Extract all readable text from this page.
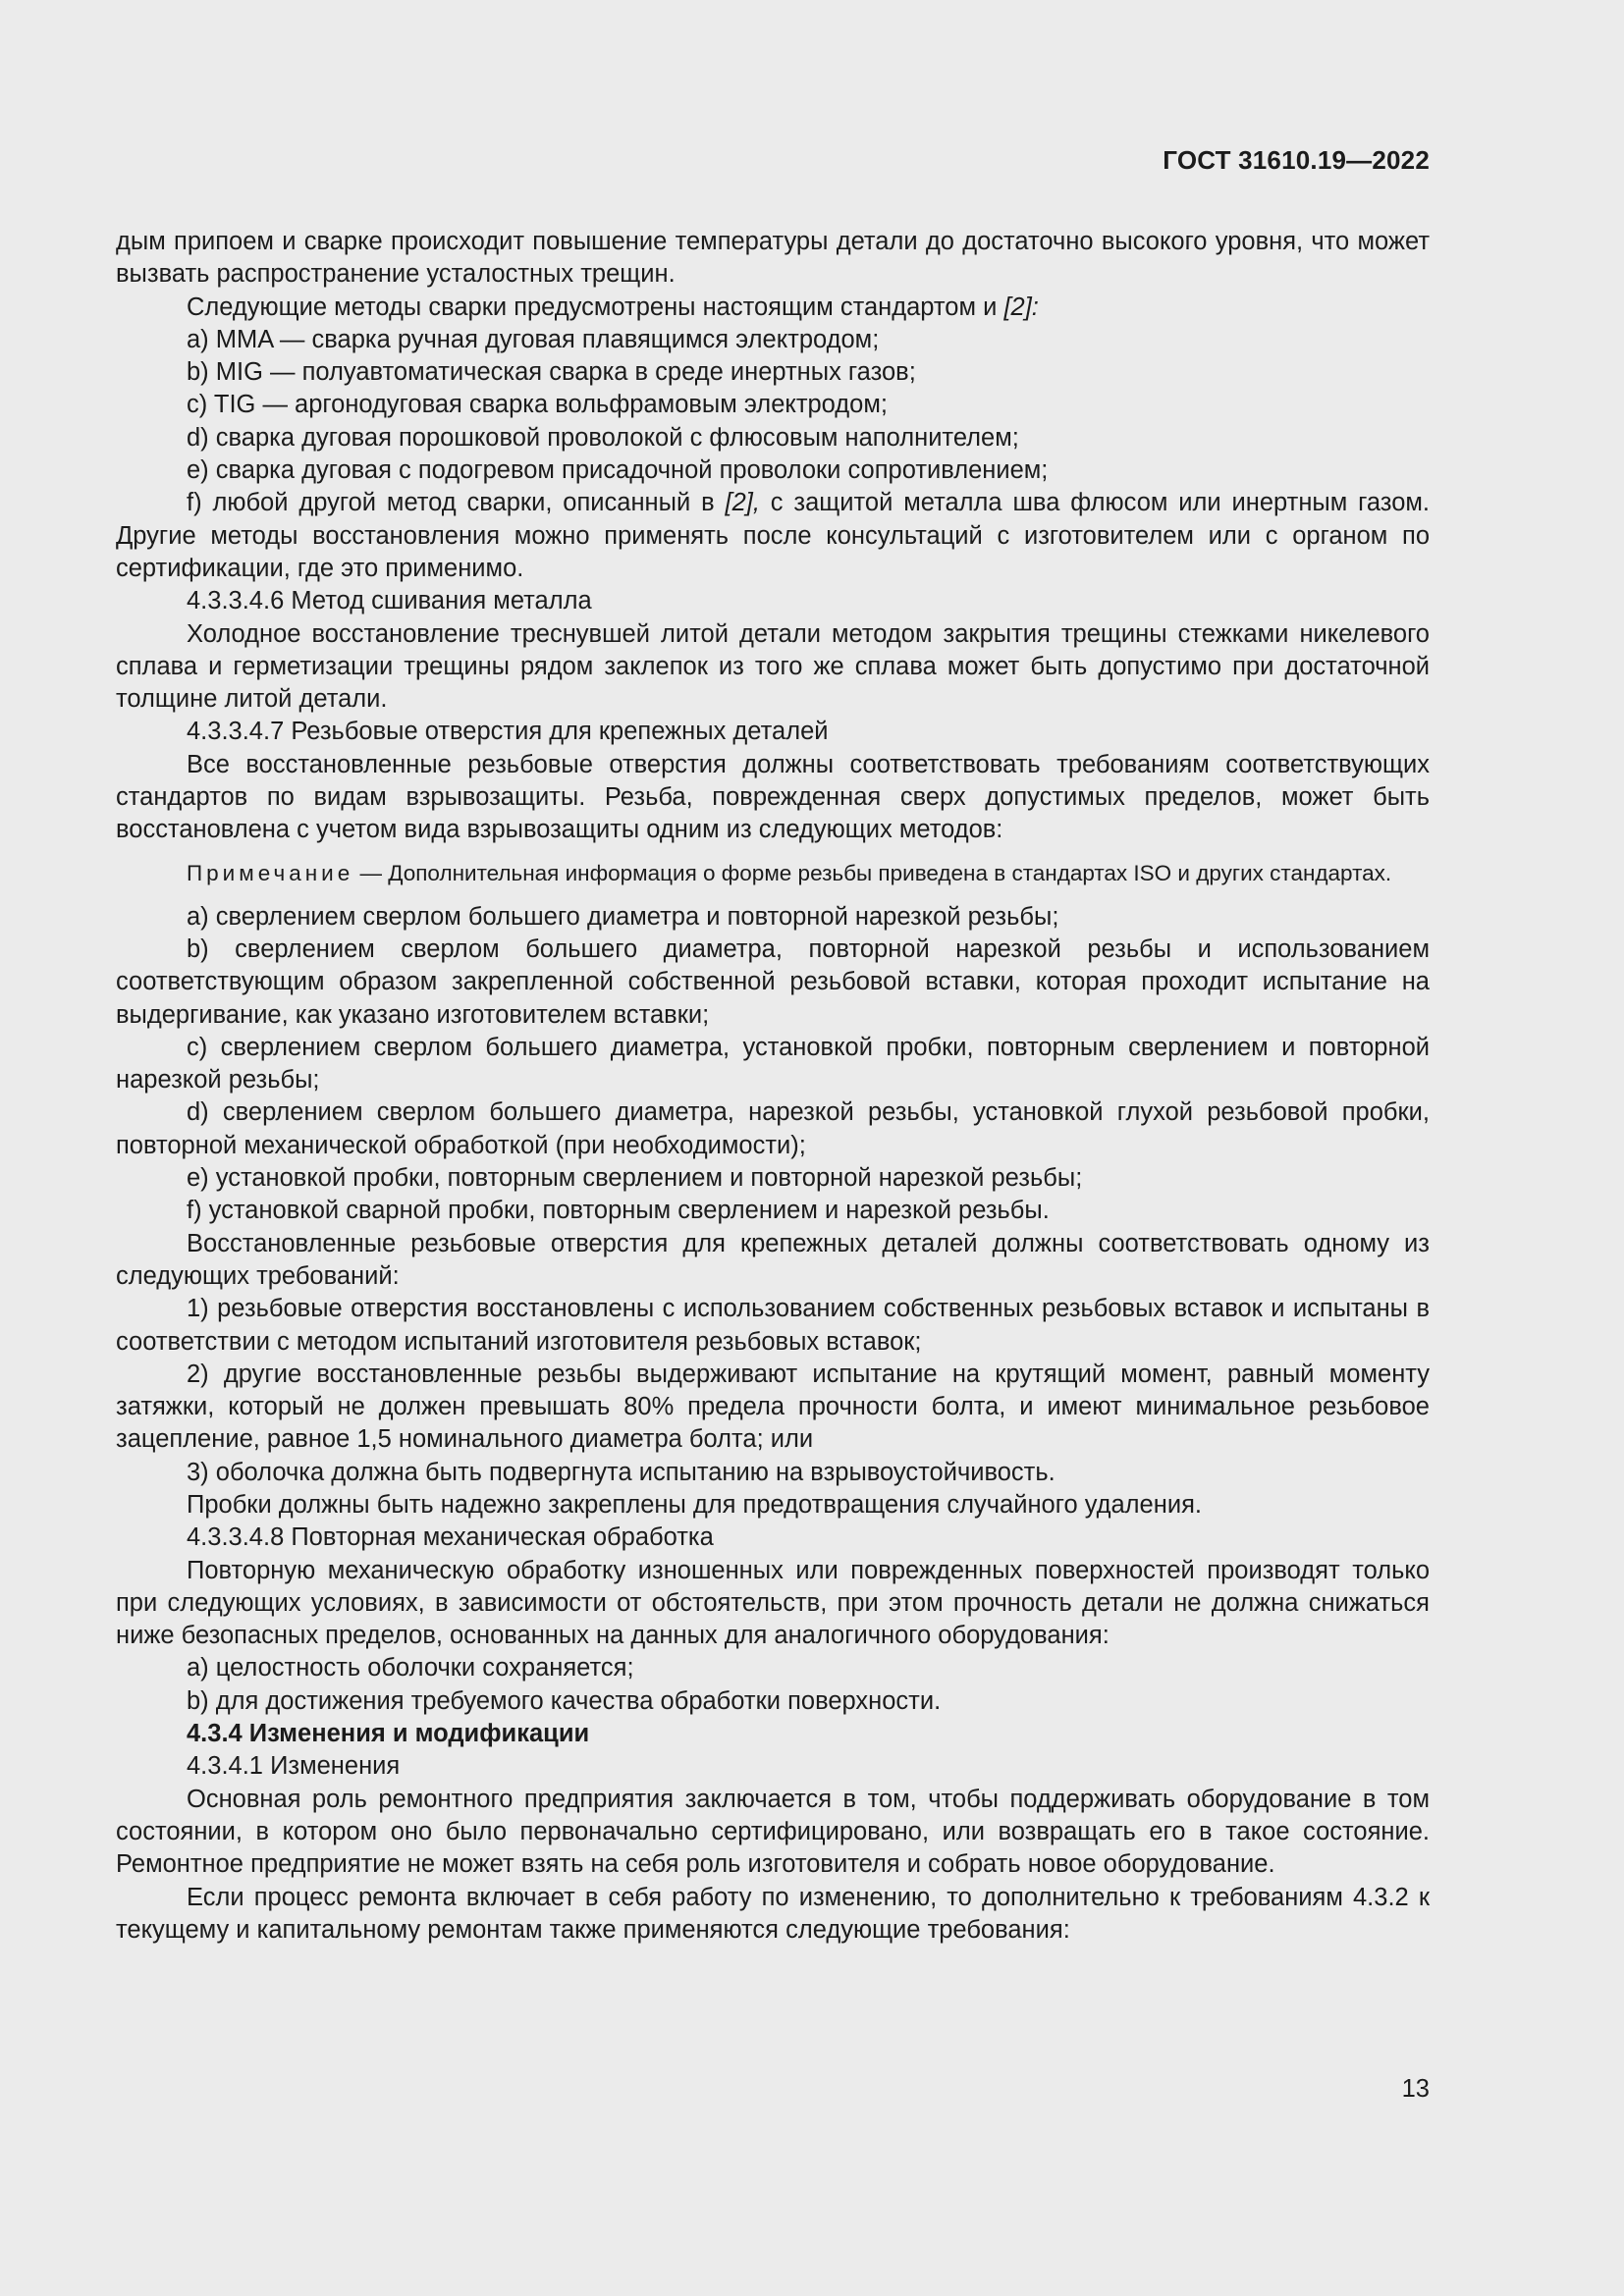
ГОСТ 31610.19—2022

дым припоем и сварке происходит повышение температуры детали до достаточно высокого уровня, что может вызвать распространение усталостных трещин.

Следующие методы сварки предусмотрены настоящим стандартом и [2]:

a) MMA — сварка ручная дуговая плавящимся электродом;

b) MIG — полуавтоматическая сварка в среде инертных газов;

c) TIG — аргонодуговая сварка вольфрамовым электродом;

d) сварка дуговая порошковой проволокой с флюсовым наполнителем;

e) сварка дуговая с подогревом присадочной проволоки сопротивлением;

f) любой другой метод сварки, описанный в [2], с защитой металла шва флюсом или инертным газом. Другие методы восстановления можно применять после консультаций с изготовителем или с органом по сертификации, где это применимо.

4.3.3.4.6 Метод сшивания металла

Холодное восстановление треснувшей литой детали методом закрытия трещины стежками никелевого сплава и герметизации трещины рядом заклепок из того же сплава может быть допустимо при достаточной толщине литой детали.

4.3.3.4.7 Резьбовые отверстия для крепежных деталей

Все восстановленные резьбовые отверстия должны соответствовать требованиям соответствующих стандартов по видам взрывозащиты. Резьба, поврежденная сверх допустимых пределов, может быть восстановлена с учетом вида взрывозащиты одним из следующих методов:

Примечание — Дополнительная информация о форме резьбы приведена в стандартах ISO и других стандартах.

a) сверлением сверлом большего диаметра и повторной нарезкой резьбы;

b) сверлением сверлом большего диаметра, повторной нарезкой резьбы и использованием соответствующим образом закрепленной собственной резьбовой вставки, которая проходит испытание на выдергивание, как указано изготовителем вставки;

c) сверлением сверлом большего диаметра, установкой пробки, повторным сверлением и повторной нарезкой резьбы;

d) сверлением сверлом большего диаметра, нарезкой резьбы, установкой глухой резьбовой пробки, повторной механической обработкой (при необходимости);

e) установкой пробки, повторным сверлением и повторной нарезкой резьбы;

f) установкой сварной пробки, повторным сверлением и нарезкой резьбы.

Восстановленные резьбовые отверстия для крепежных деталей должны соответствовать одному из следующих требований:

1) резьбовые отверстия восстановлены с использованием собственных резьбовых вставок и испытаны в соответствии с методом испытаний изготовителя резьбовых вставок;

2) другие восстановленные резьбы выдерживают испытание на крутящий момент, равный моменту затяжки, который не должен превышать 80% предела прочности болта, и имеют минимальное резьбовое зацепление, равное 1,5 номинального диаметра болта; или

3) оболочка должна быть подвергнута испытанию на взрывоустойчивость.

Пробки должны быть надежно закреплены для предотвращения случайного удаления.

4.3.3.4.8 Повторная механическая обработка

Повторную механическую обработку изношенных или поврежденных поверхностей производят только при следующих условиях, в зависимости от обстоятельств, при этом прочность детали не должна снижаться ниже безопасных пределов, основанных на данных для аналогичного оборудования:

a) целостность оболочки сохраняется;

b) для достижения требуемого качества обработки поверхности.

4.3.4 Изменения и модификации

4.3.4.1 Изменения

Основная роль ремонтного предприятия заключается в том, чтобы поддерживать оборудование в том состоянии, в котором оно было первоначально сертифицировано, или возвращать его в такое состояние. Ремонтное предприятие не может взять на себя роль изготовителя и собрать новое оборудование.

Если процесс ремонта включает в себя работу по изменению, то дополнительно к требованиям 4.3.2 к текущему и капитальному ремонтам также применяются следующие требования:

13
